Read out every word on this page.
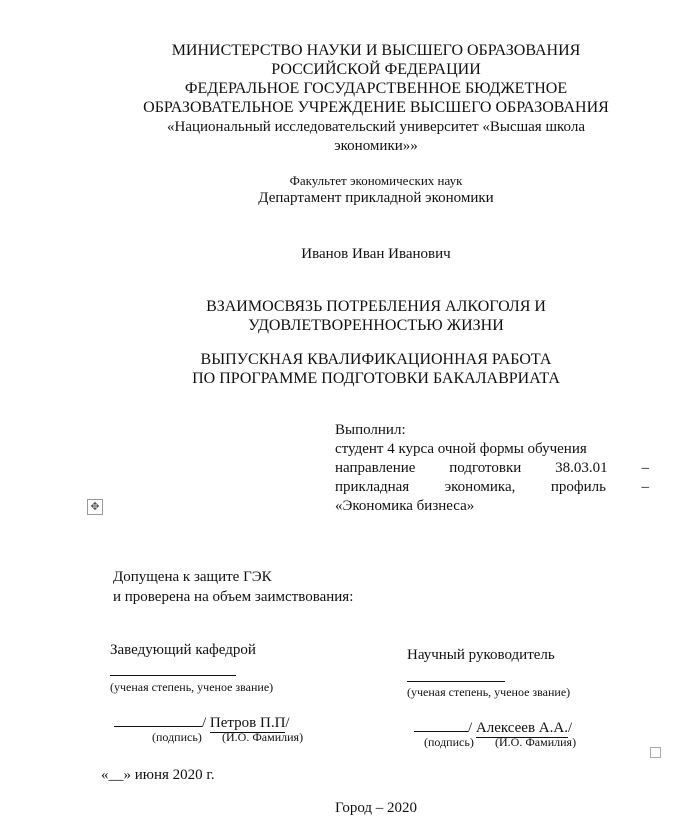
МИНИСТЕРСТВО НАУКИ И ВЫСШЕГО ОБРАЗОВАНИЯ
РОССИЙСКОЙ ФЕДЕРАЦИИ
ФЕДЕРАЛЬНОЕ ГОСУДАРСТВЕННОЕ БЮДЖЕТНОЕ
ОБРАЗОВАТЕЛЬНОЕ УЧРЕЖДЕНИЕ ВЫСШЕГО ОБРАЗОВАНИЯ
«Национальный исследовательский университет «Высшая школа
экономики»»
Факультет экономических наук
Департамент прикладной экономики
Иванов Иван Иванович
ВЗАИМОСВЯЗЬ ПОТРЕБЛЕНИЯ АЛКОГОЛЯ И
УДОВЛЕТВОРЕННОСТЬЮ ЖИЗНИ
ВЫПУСКНАЯ КВАЛИФИКАЦИОННАЯ РАБОТА
ПО ПРОГРАММЕ ПОДГОТОВКИ БАКАЛАВРИАТА
Выполнил:
студент 4 курса очной формы обучения
направление подготовки 38.03.01 –
прикладная экономика, профиль –
«Экономика бизнеса»
✥
Допущена к защите ГЭК
и проверена на объем заимствования:
Заведующий кафедрой
(ученая степень, ученое звание)
/ Петров П.П/
(подпись) (И.О. Фамилия)
Научный руководитель
(ученая степень, ученое звание)
/ Алексеев А.А./
(подпись) (И.О. Фамилия)
«__» июня 2020 г.
Город – 2020
